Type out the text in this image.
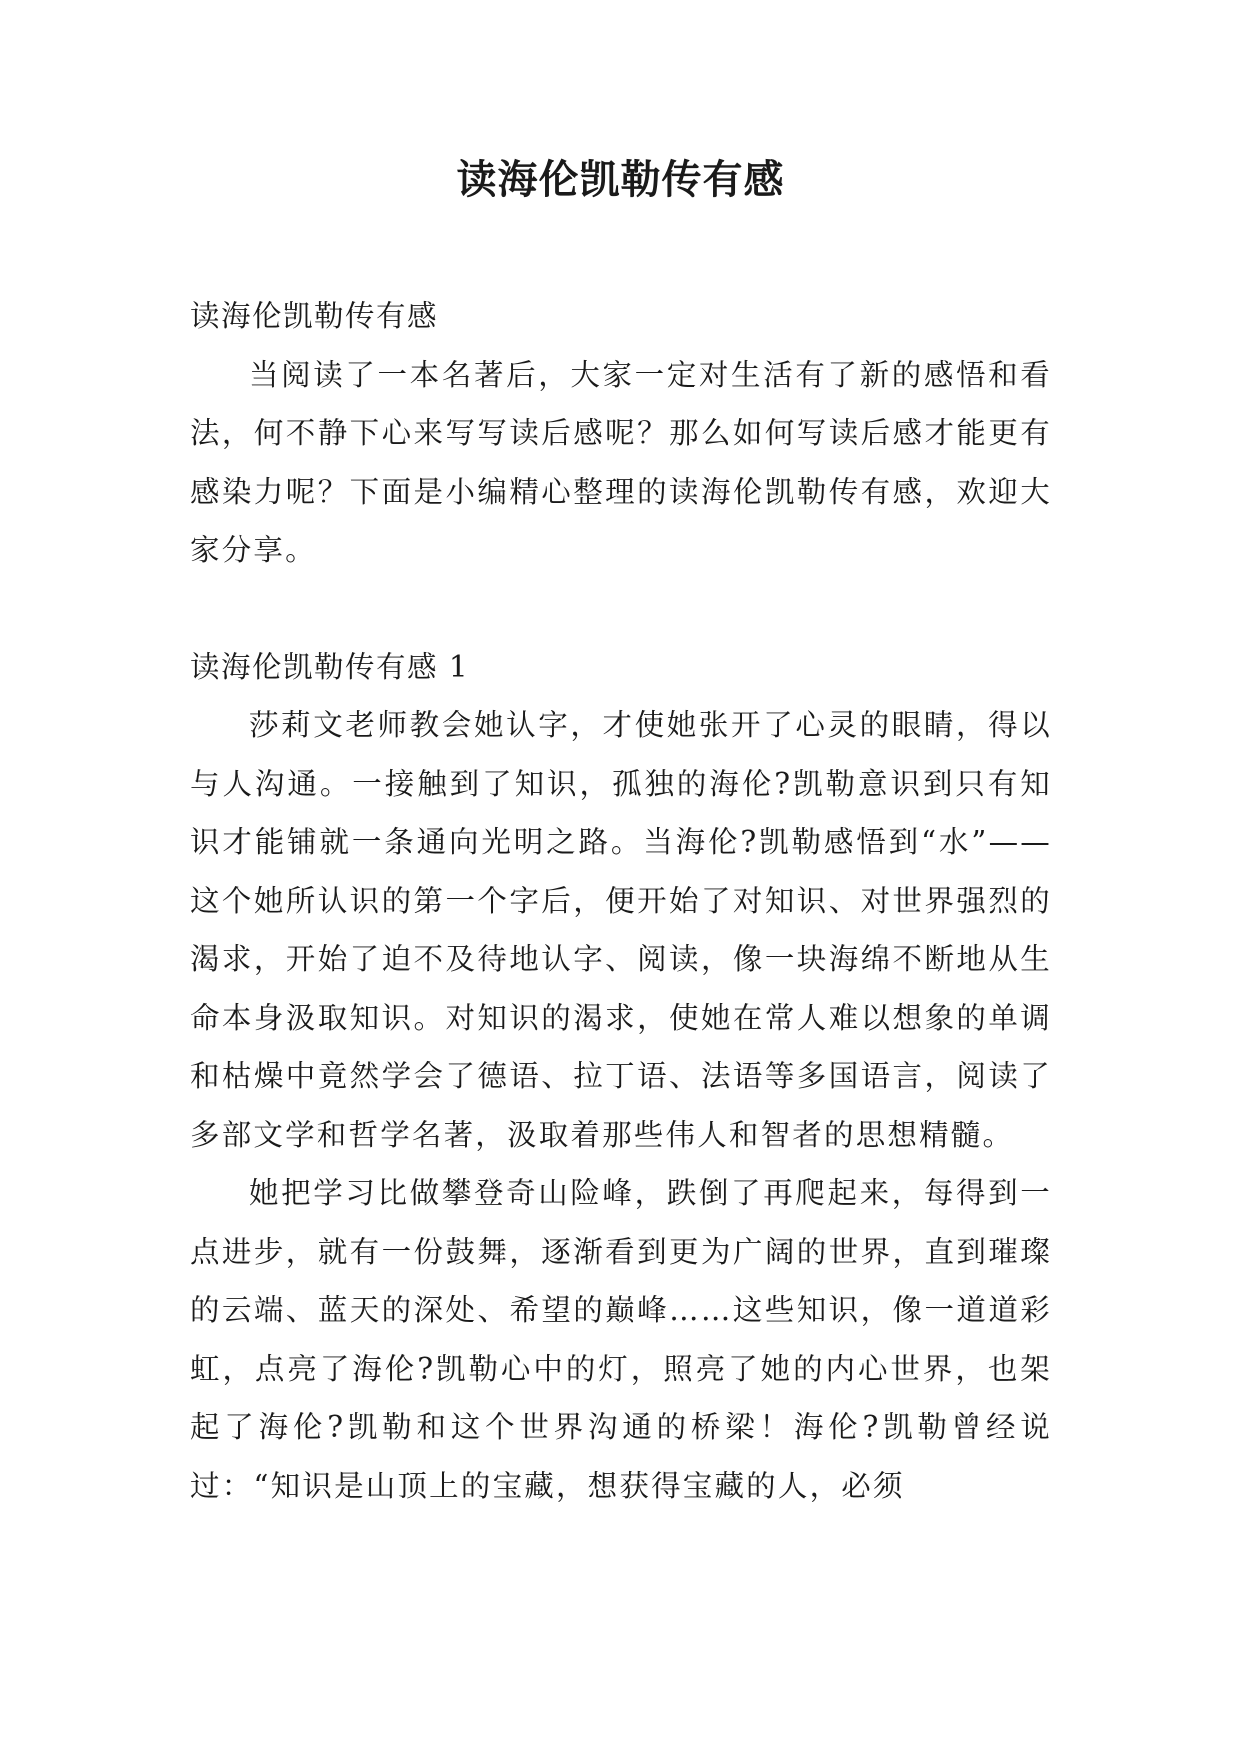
读海伦凯勒传有感

读海伦凯勒传有感

当阅读了一本名著后，大家一定对生活有了新的感悟和看法，何不静下心来写写读后感呢？那么如何写读后感才能更有感染力呢？下面是小编精心整理的读海伦凯勒传有感，欢迎大家分享。

读海伦凯勒传有感 1

莎莉文老师教会她认字，才使她张开了心灵的眼睛，得以与人沟通。一接触到了知识，孤独的海伦?凯勒意识到只有知识才能铺就一条通向光明之路。当海伦?凯勒感悟到“水”——这个她所认识的第一个字后，便开始了对知识、对世界强烈的渴求，开始了迫不及待地认字、阅读，像一块海绵不断地从生命本身汲取知识。对知识的渴求，使她在常人难以想象的单调和枯燥中竟然学会了德语、拉丁语、法语等多国语言，阅读了多部文学和哲学名著，汲取着那些伟人和智者的思想精髓。

她把学习比做攀登奇山险峰，跌倒了再爬起来，每得到一点进步，就有一份鼓舞，逐渐看到更为广阔的世界，直到璀璨的云端、蓝天的深处、希望的巅峰……这些知识，像一道道彩虹，点亮了海伦?凯勒心中的灯，照亮了她的内心世界，也架起了海伦?凯勒和这个世界沟通的桥梁！海伦?凯勒曾经说过：“知识是山顶上的宝藏，想获得宝藏的人，必须
